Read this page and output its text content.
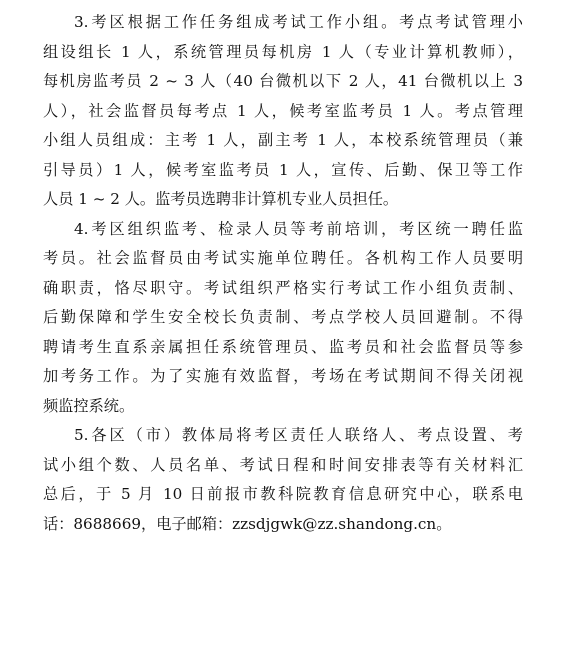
3.考区根据工作任务组成考试工作小组。考点考试管理小
组设组长 1 人，系统管理员每机房 1 人（专业计算机教师），
每机房监考员 2 ~ 3 人（40 台微机以下 2 人，41 台微机以上 3
人），社会监督员每考点 1 人，候考室监考员 1 人。考点管理
小组人员组成：主考 1 人，副主考 1 人，本校系统管理员（兼
引导员）1 人，候考室监考员 1 人，宣传、后勤、保卫等工作
人员 1 ~ 2 人。监考员选聘非计算机专业人员担任。
4.考区组织监考、检录人员等考前培训，考区统一聘任监
考员。社会监督员由考试实施单位聘任。各机构工作人员要明
确职责，恪尽职守。考试组织严格实行考试工作小组负责制、
后勤保障和学生安全校长负责制、考点学校人员回避制。不得
聘请考生直系亲属担任系统管理员、监考员和社会监督员等参
加考务工作。为了实施有效监督，考场在考试期间不得关闭视
频监控系统。
5.各区（市）教体局将考区责任人联络人、考点设置、考
试小组个数、人员名单、考试日程和时间安排表等有关材料汇
总后，于 5 月 10 日前报市教科院教育信息研究中心，联系电
话：8688669，电子邮箱：zzsdjgwk@zz.shandong.cn。
